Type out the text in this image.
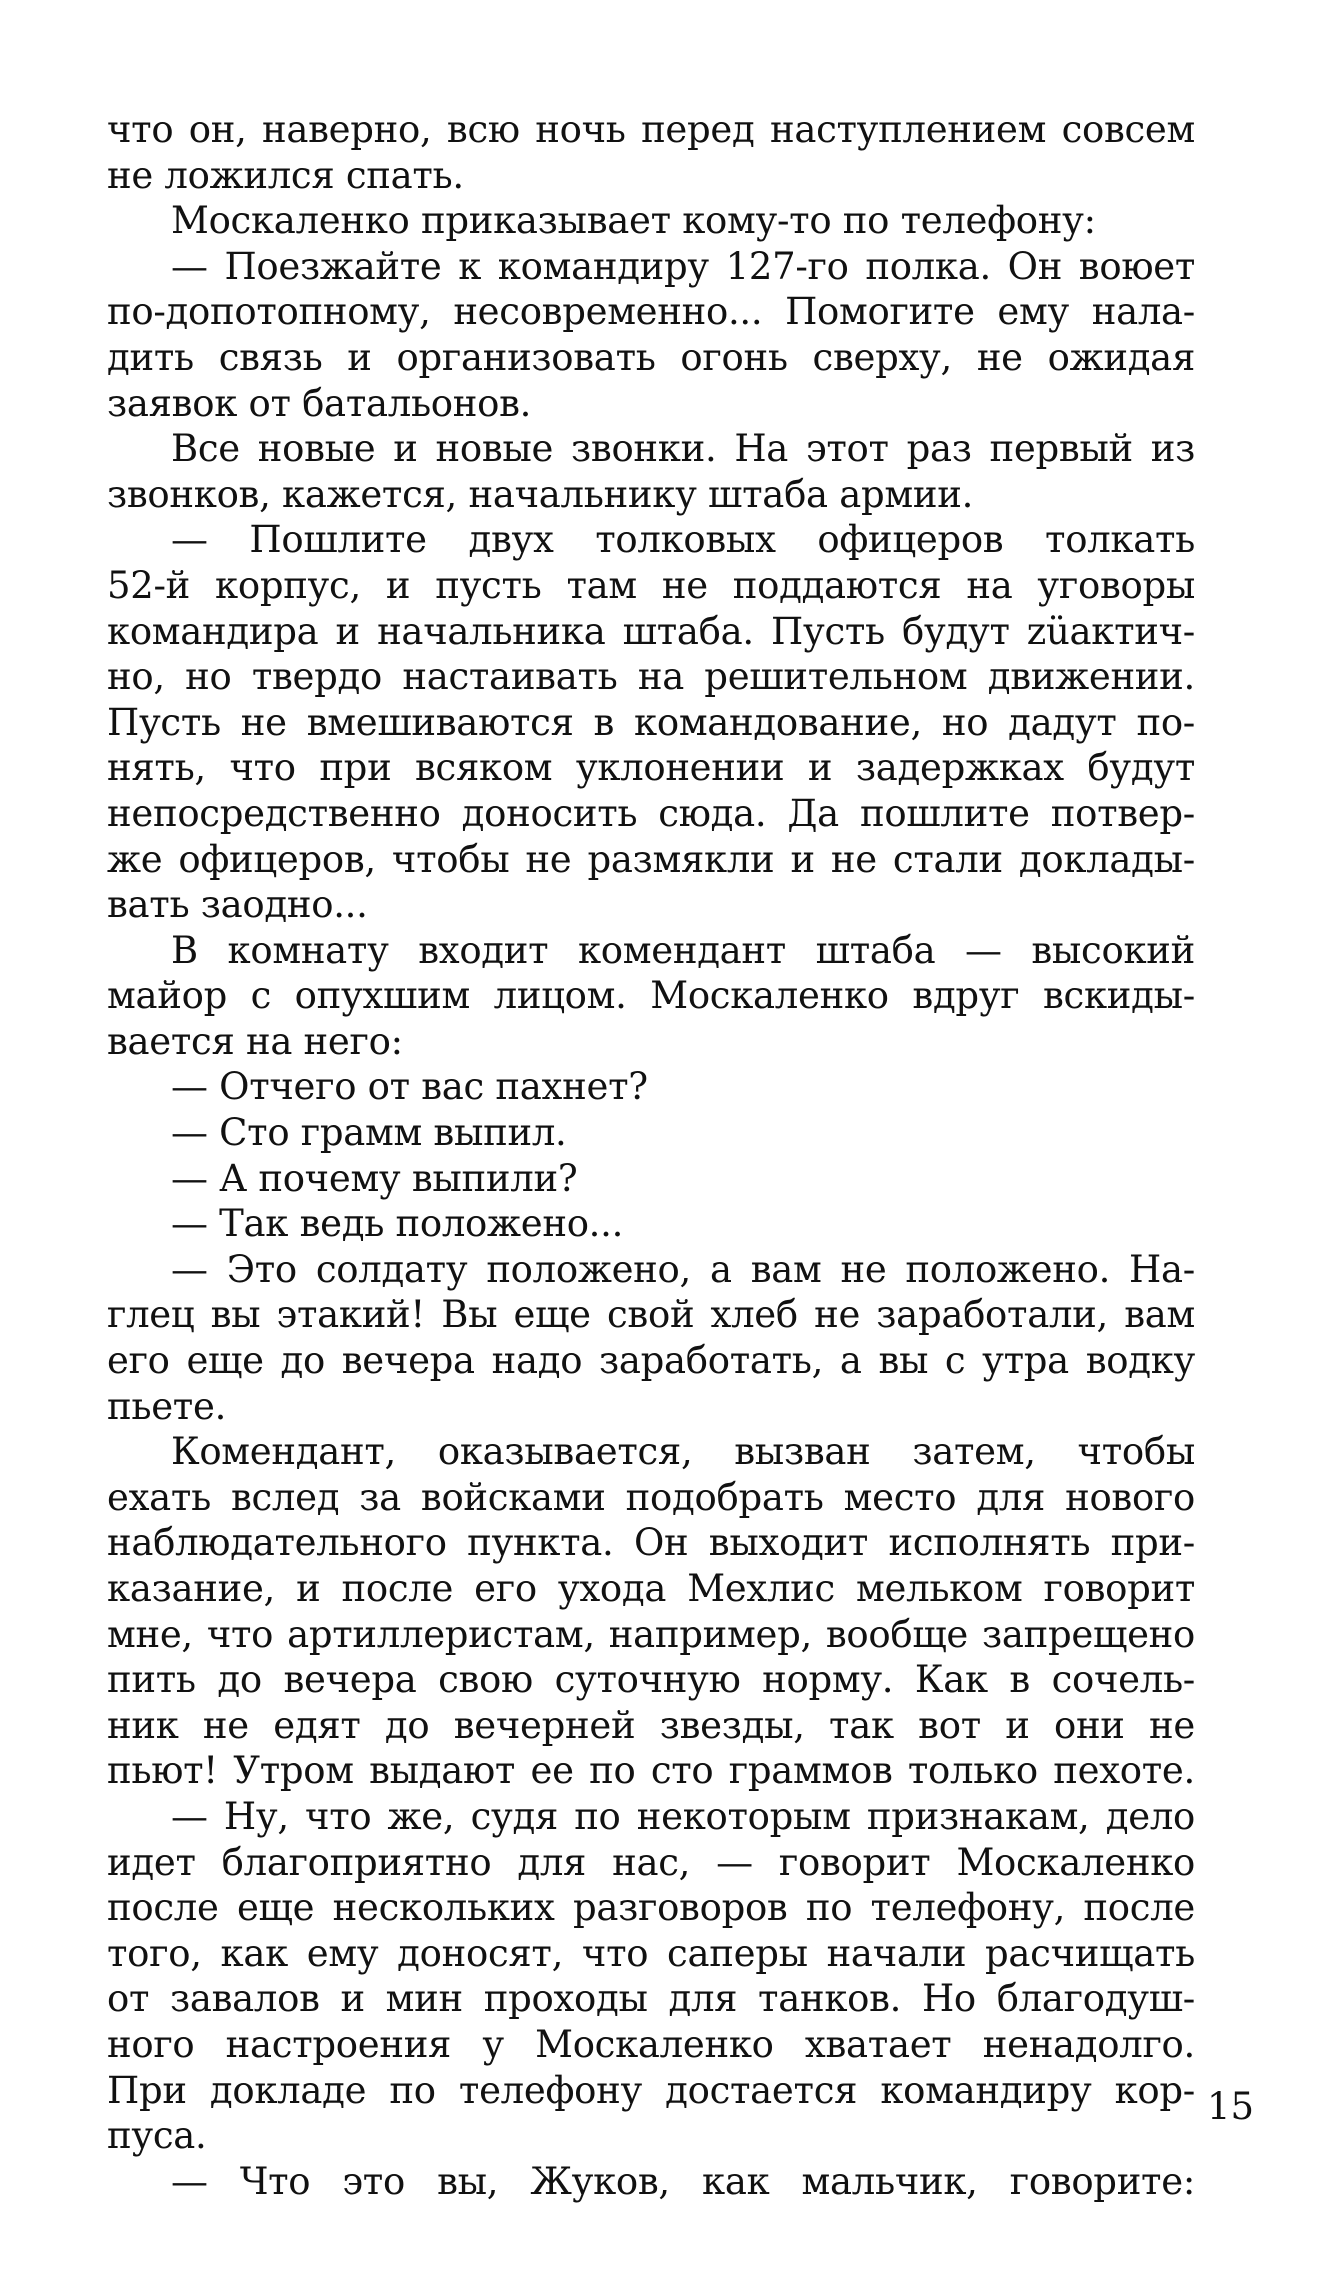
что он, наверно, всю ночь перед наступлением совсем
не ложился спать.
Москаленко приказывает кому-то по телефону:
— Поезжайте к командиру 127-го полка. Он воюет
по-допотопному, несовременно... Помогите ему нала-
дить связь и организовать огонь сверху, не ожидая
заявок от батальонов.
Все новые и новые звонки. На этот раз первый из
звонков, кажется, начальнику штаба армии.
— Пошлите двух толковых офицеров толкать
52-й корпус, и пусть там не поддаются на уговоры
командира и начальника штаба. Пусть будут züактич-
но, но твердо настаивать на решительном движении.
Пусть не вмешиваются в командование, но дадут по-
нять, что при всяком уклонении и задержках будут
непосредственно доносить сюда. Да пошлите потвер-
же офицеров, чтобы не размякли и не стали доклады-
вать заодно...
В комнату входит комендант штаба — высокий
майор с опухшим лицом. Москаленко вдруг вскиды-
вается на него:
— Отчего от вас пахнет?
— Сто грамм выпил.
— А почему выпили?
— Так ведь положено...
— Это солдату положено, а вам не положено. На-
глец вы этакий! Вы еще свой хлеб не заработали, вам
его еще до вечера надо заработать, а вы с утра водку
пьете.
Комендант, оказывается, вызван затем, чтобы
ехать вслед за войсками подобрать место для нового
наблюдательного пункта. Он выходит исполнять при-
казание, и после его ухода Мехлис мельком говорит
мне, что артиллеристам, например, вообще запрещено
пить до вечера свою суточную норму. Как в сочель-
ник не едят до вечерней звезды, так вот и они не
пьют! Утром выдают ее по сто граммов только пехоте.
— Ну, что же, судя по некоторым признакам, дело
идет благоприятно для нас, — говорит Москаленко
после еще нескольких разговоров по телефону, после
того, как ему доносят, что саперы начали расчищать
от завалов и мин проходы для танков. Но благодуш-
ного настроения у Москаленко хватает ненадолго.
При докладе по телефону достается командиру кор-
пуса.
— Что это вы, Жуков, как мальчик, говорите:
15
